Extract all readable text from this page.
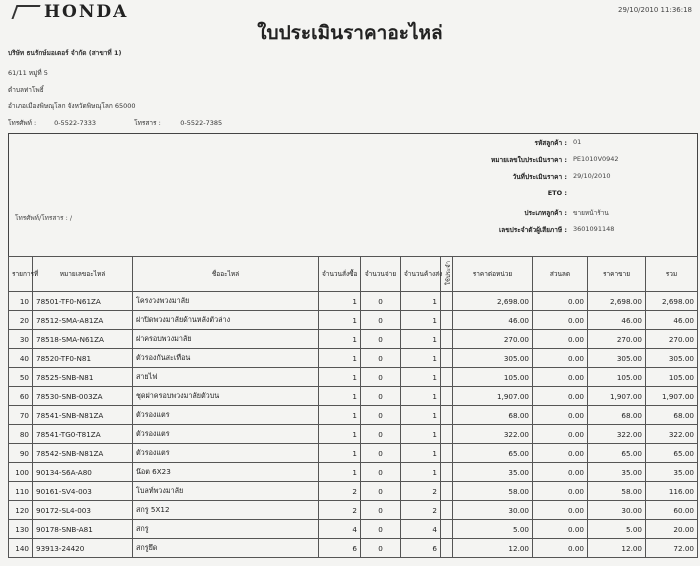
HONDA	29/10/2010 11:36:18
ใบประเมินราคาอะไหล่
บริษัท ธนรักษ์มอเตอร์ จำกัด (สาขาที่ 1)
61/11 หมู่ที่ 5
ตำบลท่าโพธิ์
อำเภอเมืองพิษณุโลก จังหวัดพิษณุโลก 65000
โทรศัพท์ :	0-5522-7333	โทรสาร :	0-5522-7385
โทรศัพท์/โทรสาร : /
รหัสลูกค้า : 01
หมายเลขใบประเมินราคา : PE1010V0942
วันที่ประเมินราคา : 29/10/2010
ETO :
ประเภทลูกค้า : ขายหน้าร้าน
เลขประจำตัวผู้เสียภาษี : 3601091148
รายการที่	หมายเลขอะไหล่	ชื่ออะไหล่	จำนวนสั่งซื้อ	จำนวนจ่าย	จำนวนค้างส่ง	ใช้ประจำ	ราคาต่อหน่วย	ส่วนลด	ราคาขาย	รวม
10	78501-TF0-N61ZA	โครงวงพวงมาลัย	1	0	1		2,698.00	0.00	2,698.00	2,698.00
20	78512-SMA-A81ZA	ฝาปิดพวงมาลัยด้านหลังตัวล่าง	1	0	1		46.00	0.00	46.00	46.00
30	78518-SMA-N61ZA	ฝาครอบพวงมาลัย	1	0	1		270.00	0.00	270.00	270.00
40	78520-TF0-N81	ตัวรองกันสะเทือน	1	0	1		305.00	0.00	305.00	305.00
50	78525-SNB-N81	สายไฟ	1	0	1		105.00	0.00	105.00	105.00
60	78530-SNB-003ZA	ชุดฝาครอบพวงมาลัยตัวบน	1	0	1		1,907.00	0.00	1,907.00	1,907.00
70	78541-SNB-N81ZA	ตัวรองแตร	1	0	1		68.00	0.00	68.00	68.00
80	78541-TG0-T81ZA	ตัวรองแตร	1	0	1		322.00	0.00	322.00	322.00
90	78542-SNB-N81ZA	ตัวรองแตร	1	0	1		65.00	0.00	65.00	65.00
100	90134-S6A-A80	น๊อต 6X23	1	0	1		35.00	0.00	35.00	35.00
110	90161-SV4-003	โบลท์พวงมาลัย	2	0	2		58.00	0.00	58.00	116.00
120	90172-SL4-003	สกรู 5X12	2	0	2		30.00	0.00	30.00	60.00
130	90178-SNB-A81	สกรู	4	0	4		5.00	0.00	5.00	20.00
140	93913-24420	สกรูยึด	6	0	6		12.00	0.00	12.00	72.00
